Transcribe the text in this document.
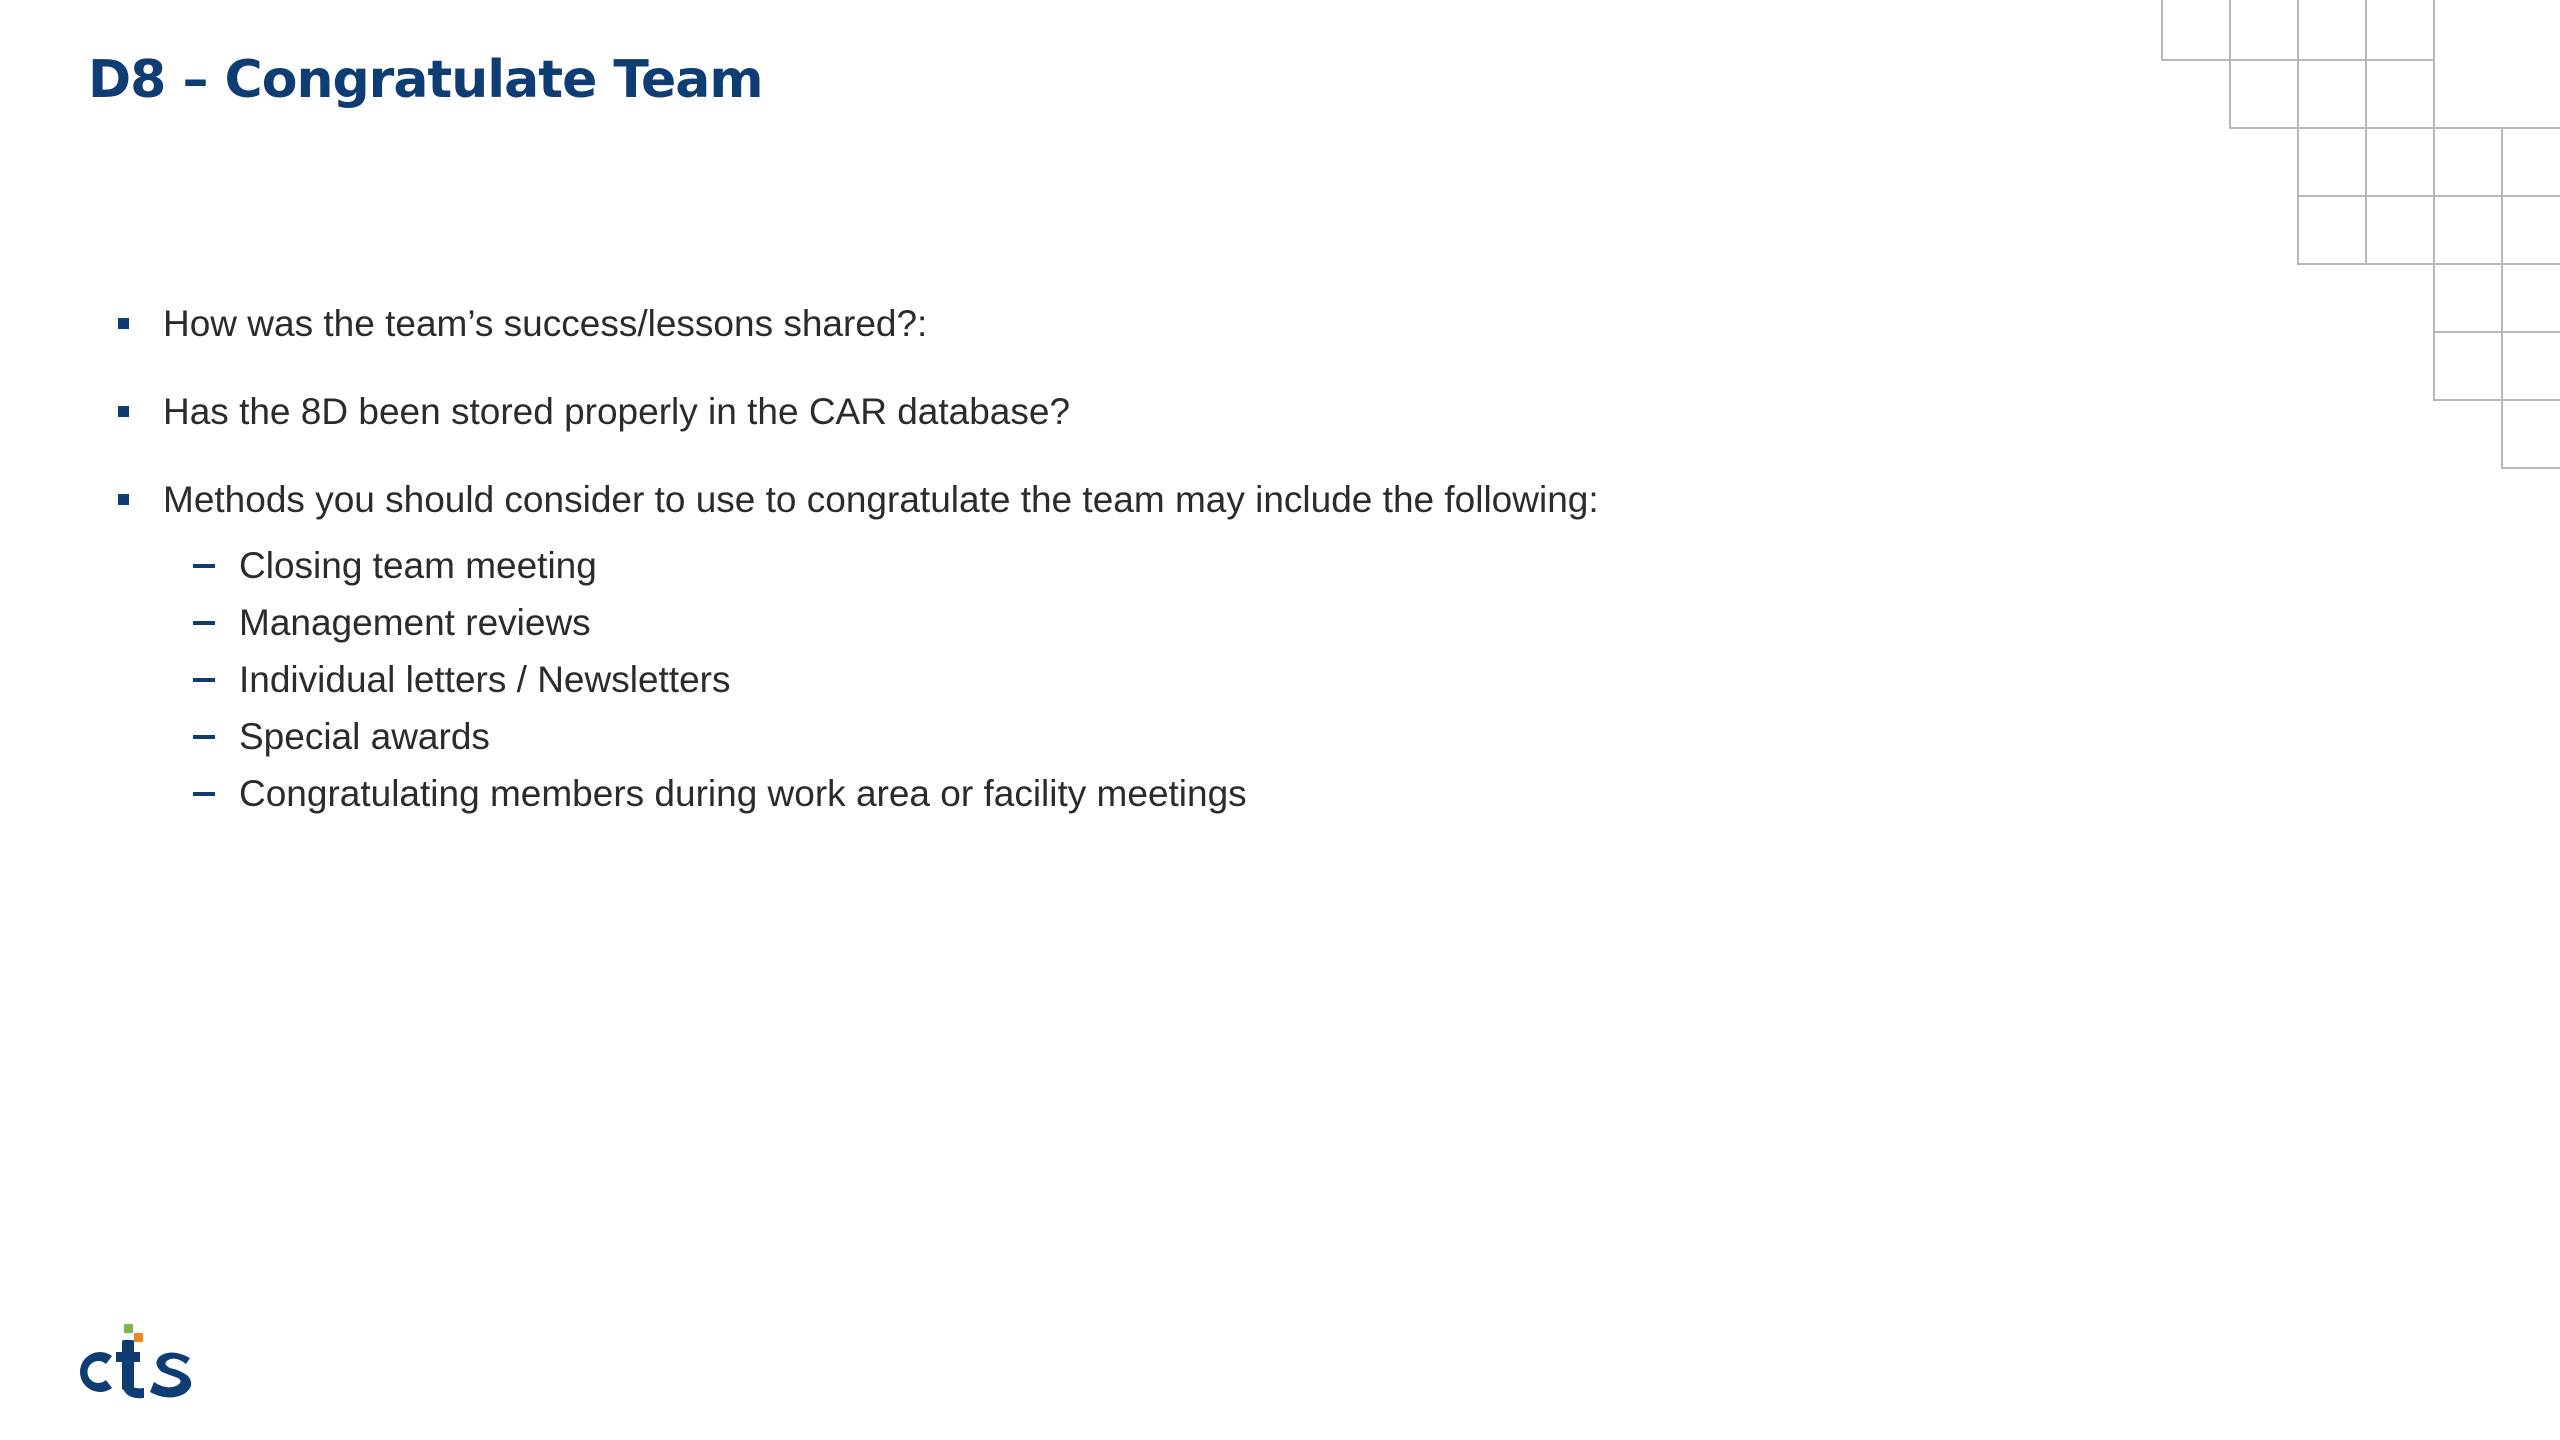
D8 – Congratulate Team
How was the team’s success/lessons shared?:
Has the 8D been stored properly in the CAR database?
Methods you should consider to use to congratulate the team may include the following:
Closing team meeting
Management reviews
Individual letters / Newsletters
Special awards
Congratulating members during work area or facility meetings
